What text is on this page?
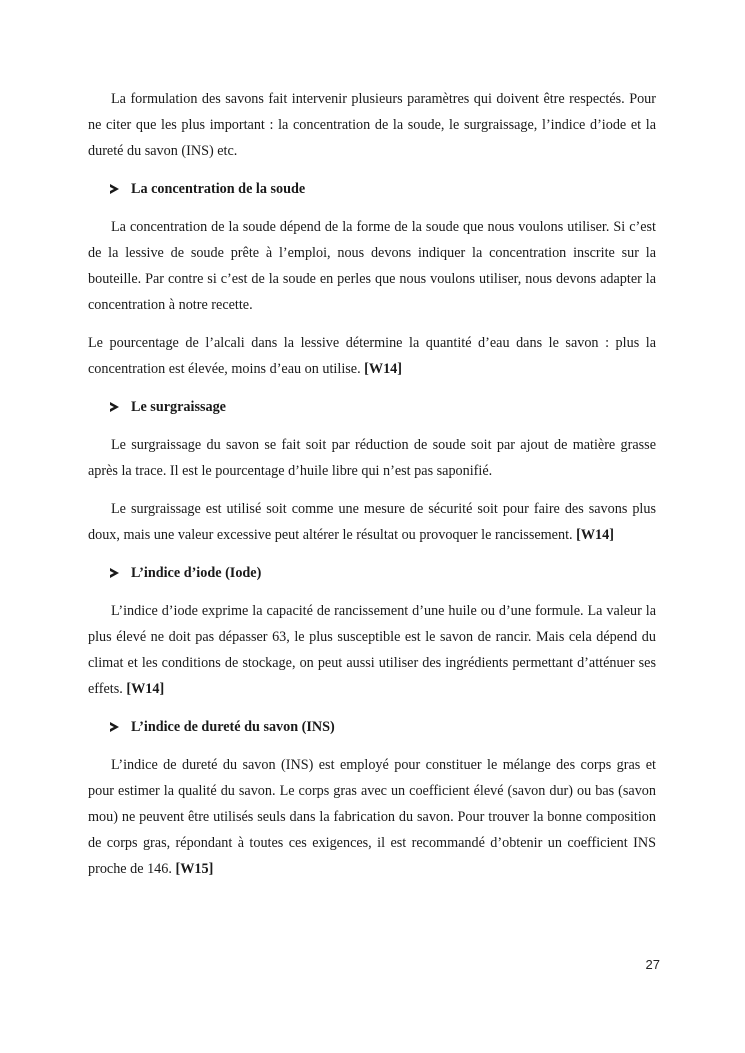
La formulation des savons fait intervenir plusieurs paramètres qui doivent être respectés. Pour ne citer que les plus important : la concentration de la soude, le surgraissage, l’indice d’iode et la dureté du savon (INS) etc.

La concentration de la soude

La concentration de la soude dépend de la forme de la soude que nous voulons utiliser. Si c’est de la lessive de soude prête à l’emploi, nous devons indiquer la concentration inscrite sur la bouteille. Par contre si c’est de la soude en perles que nous voulons utiliser, nous devons adapter la concentration à notre recette.

Le pourcentage de l’alcali dans la lessive détermine la quantité d’eau dans le savon : plus la concentration est élevée, moins d’eau on utilise. [W14]

Le surgraissage

Le surgraissage du savon se fait soit par réduction de soude soit par ajout de matière grasse après la trace. Il est le pourcentage d’huile libre qui n’est pas saponifié.

Le surgraissage est utilisé soit comme une mesure de sécurité soit pour faire des savons plus doux, mais une valeur excessive peut altérer le résultat ou provoquer le rancissement. [W14]

L’indice d’iode (Iode)

L’indice d’iode exprime la capacité de rancissement d’une huile ou d’une formule. La valeur la plus élevé ne doit pas dépasser 63, le plus susceptible est le savon de rancir. Mais cela dépend du climat et les conditions de stockage, on peut aussi utiliser des ingrédients permettant d’atténuer ses effets. [W14]

L’indice de dureté du savon (INS)

L’indice de dureté du savon (INS) est employé pour constituer le mélange des corps gras et pour estimer la qualité du savon. Le corps gras avec un coefficient élevé (savon dur) ou bas (savon mou) ne peuvent être utilisés seuls dans la fabrication du savon. Pour trouver la bonne composition de corps gras, répondant à toutes ces exigences, il est recommandé d’obtenir un coefficient INS proche de 146. [W15]

27
